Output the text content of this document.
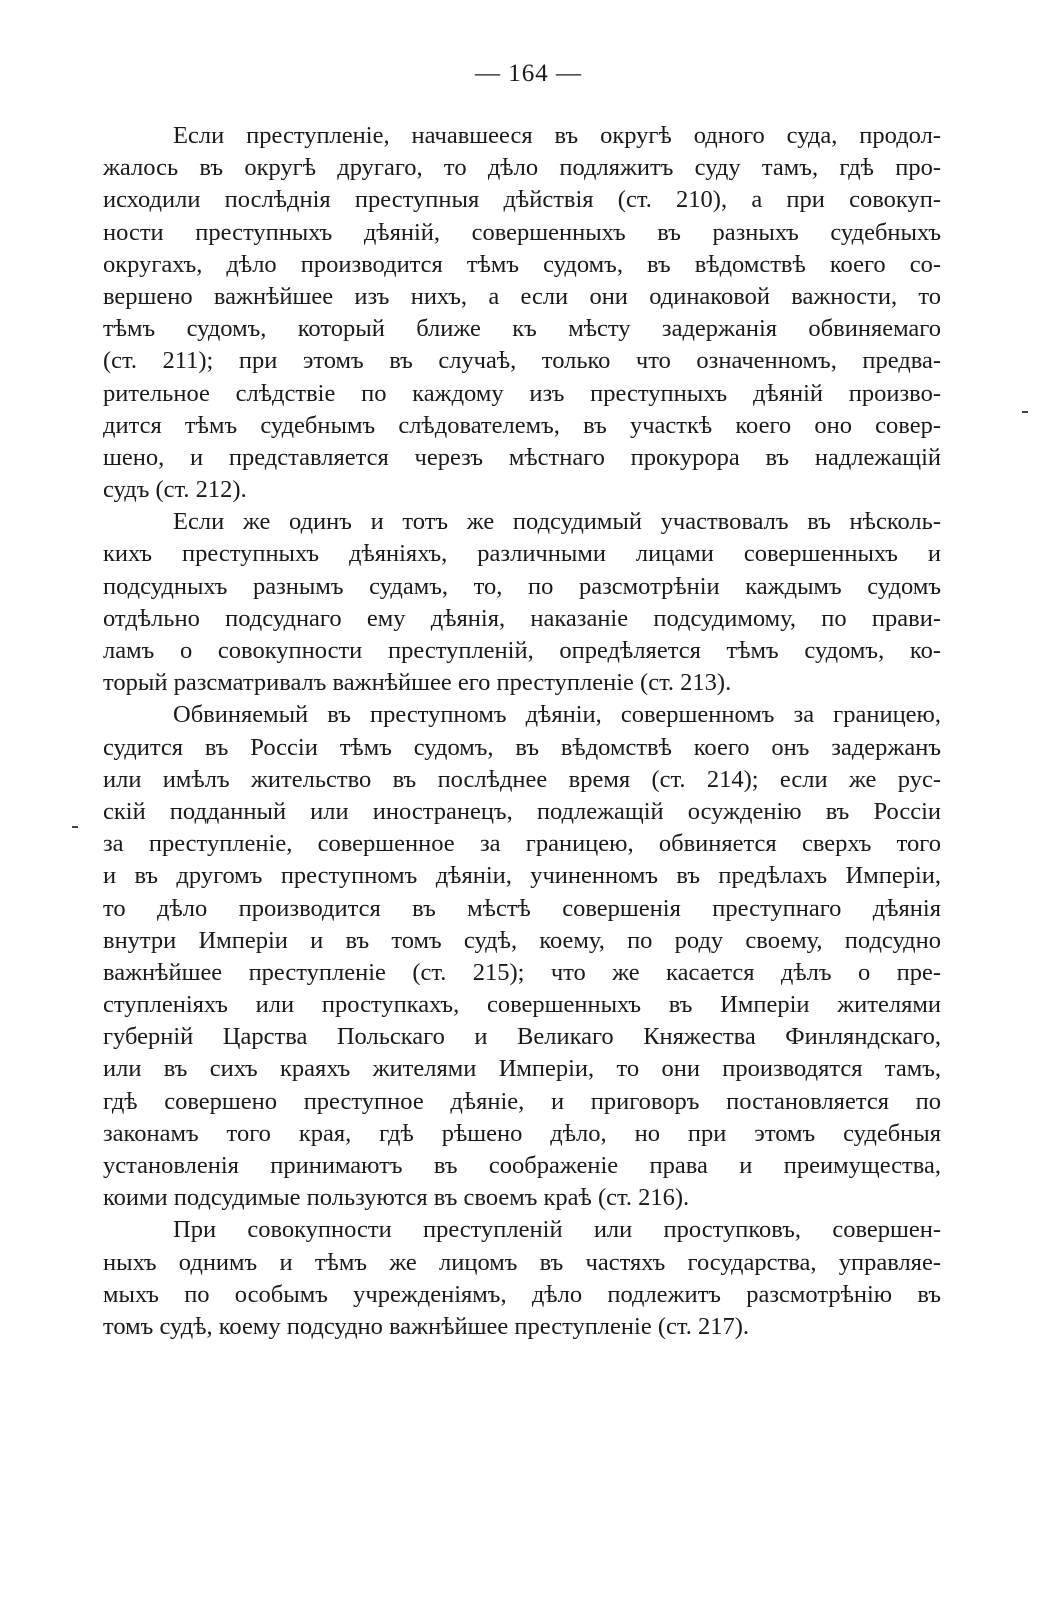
— 164 —
Если преступленіе, начавшееся въ округѣ одного суда, продол-
жалось въ округѣ другаго, то дѣло подляжитъ суду тамъ, гдѣ про-
исходили послѣднія преступныя дѣйствія (ст. 210), а при совокуп-
ности преступныхъ дѣяній, совершенныхъ въ разныхъ судебныхъ
округахъ, дѣло производится тѣмъ судомъ, въ вѣдомствѣ коего со-
вершено важнѣйшее изъ нихъ, а если они одинаковой важности, то
тѣмъ судомъ, который ближе къ мѣсту задержанія обвиняемаго
(ст. 211); при этомъ въ случаѣ, только что означенномъ, предва-
рительное слѣдствіе по каждому изъ преступныхъ дѣяній произво-
дится тѣмъ судебнымъ слѣдователемъ, въ участкѣ коего оно совер-
шено, и представляется черезъ мѣстнаго прокурора въ надлежащій
судъ (ст. 212).
Если же одинъ и тотъ же подсудимый участвовалъ въ нѣсколь-
кихъ преступныхъ дѣяніяхъ, различными лицами совершенныхъ и
подсудныхъ разнымъ судамъ, то, по разсмотрѣніи каждымъ судомъ
отдѣльно подсуднаго ему дѣянія, наказаніе подсудимому, по прави-
ламъ о совокупности преступленій, опредѣляется тѣмъ судомъ, ко-
торый разсматривалъ важнѣйшее его преступленіе (ст. 213).
Обвиняемый въ преступномъ дѣяніи, совершенномъ за границею,
судится въ Россіи тѣмъ судомъ, въ вѣдомствѣ коего онъ задержанъ
или имѣлъ жительство въ послѣднее время (ст. 214); если же рус-
скій подданный или иностранецъ, подлежащій осужденію въ Россіи
за преступленіе, совершенное за границею, обвиняется сверхъ того
и въ другомъ преступномъ дѣяніи, учиненномъ въ предѣлахъ Имперіи,
то дѣло производится въ мѣстѣ совершенія преступнаго дѣянія
внутри Имперіи и въ томъ судѣ, коему, по роду своему, подсудно
важнѣйшее преступленіе (ст. 215); что же касается дѣлъ о пре-
ступленіяхъ или проступкахъ, совершенныхъ въ Имперіи жителями
губерній Царства Польскаго и Великаго Княжества Финляндскаго,
или въ сихъ краяхъ жителями Имперіи, то они производятся тамъ,
гдѣ совершено преступное дѣяніе, и приговоръ постановляется по
законамъ того края, гдѣ рѣшено дѣло, но при этомъ судебныя
установленія принимаютъ въ соображеніе права и преимущества,
коими подсудимые пользуются въ своемъ краѣ (ст. 216).
При совокупности преступленій или проступковъ, совершен-
ныхъ однимъ и тѣмъ же лицомъ въ частяхъ государства, управляе-
мыхъ по особымъ учрежденіямъ, дѣло подлежитъ разсмотрѣнію въ
томъ судѣ, коему подсудно важнѣйшее преступленіе (ст. 217).
